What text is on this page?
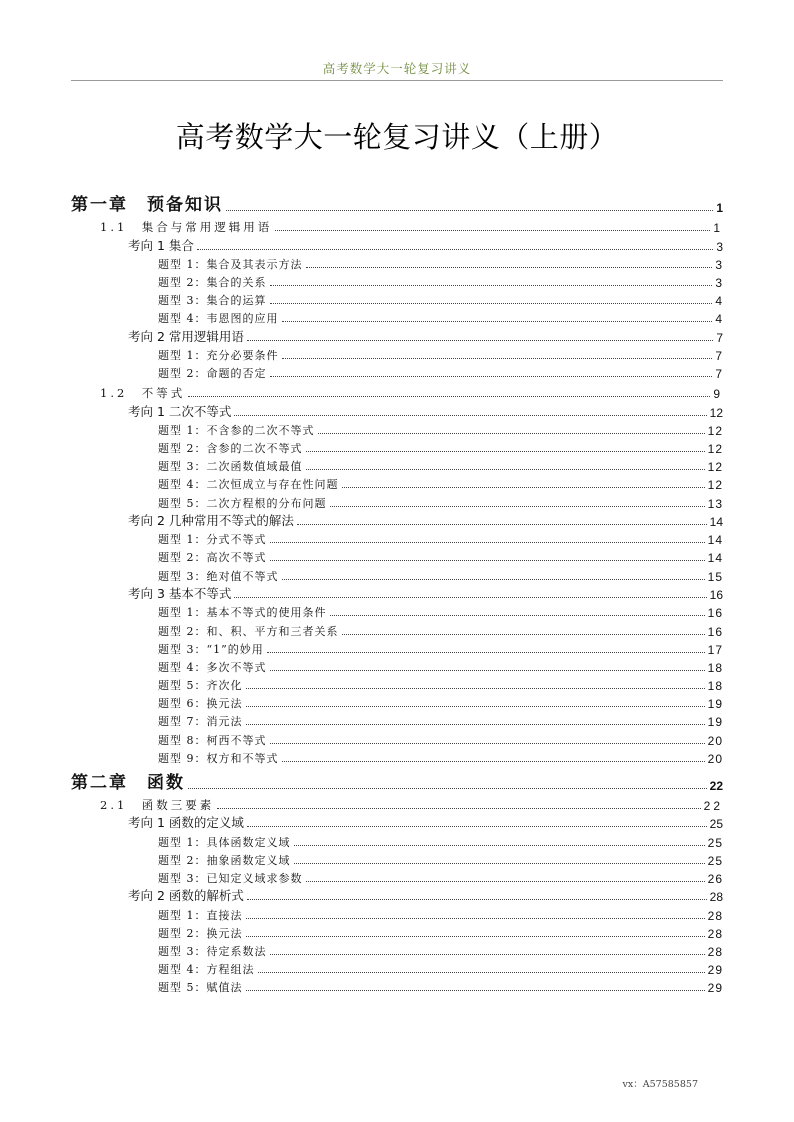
高考数学大一轮复习讲义
高考数学大一轮复习讲义（上册）
第一章　预备知识	1
1.1　集合与常用逻辑用语	1
考向 1 集合	3
题型 1：集合及其表示方法	3
题型 2：集合的关系	3
题型 3：集合的运算	4
题型 4：韦恩图的应用	4
考向 2 常用逻辑用语	7
题型 1：充分必要条件	7
题型 2：命题的否定	7
1.2　不等式	9
考向 1 二次不等式	12
题型 1：不含参的二次不等式	12
题型 2：含参的二次不等式	12
题型 3：二次函数值域最值	12
题型 4：二次恒成立与存在性问题	12
题型 5：二次方程根的分布问题	13
考向 2 几种常用不等式的解法	14
题型 1：分式不等式	14
题型 2：高次不等式	14
题型 3：绝对值不等式	15
考向 3 基本不等式	16
题型 1：基本不等式的使用条件	16
题型 2：和、积、平方和三者关系	16
题型 3：“1”的妙用	17
题型 4：多次不等式	18
题型 5：齐次化	18
题型 6：换元法	19
题型 7：消元法	19
题型 8：柯西不等式	20
题型 9：权方和不等式	20
第二章　函数	22
2.1　函数三要素	22
考向 1 函数的定义域	25
题型 1：具体函数定义域	25
题型 2：抽象函数定义域	25
题型 3：已知定义域求参数	26
考向 2 函数的解析式	28
题型 1：直接法	28
题型 2：换元法	28
题型 3：待定系数法	28
题型 4：方程组法	29
题型 5：赋值法	29
vx：A57585857
